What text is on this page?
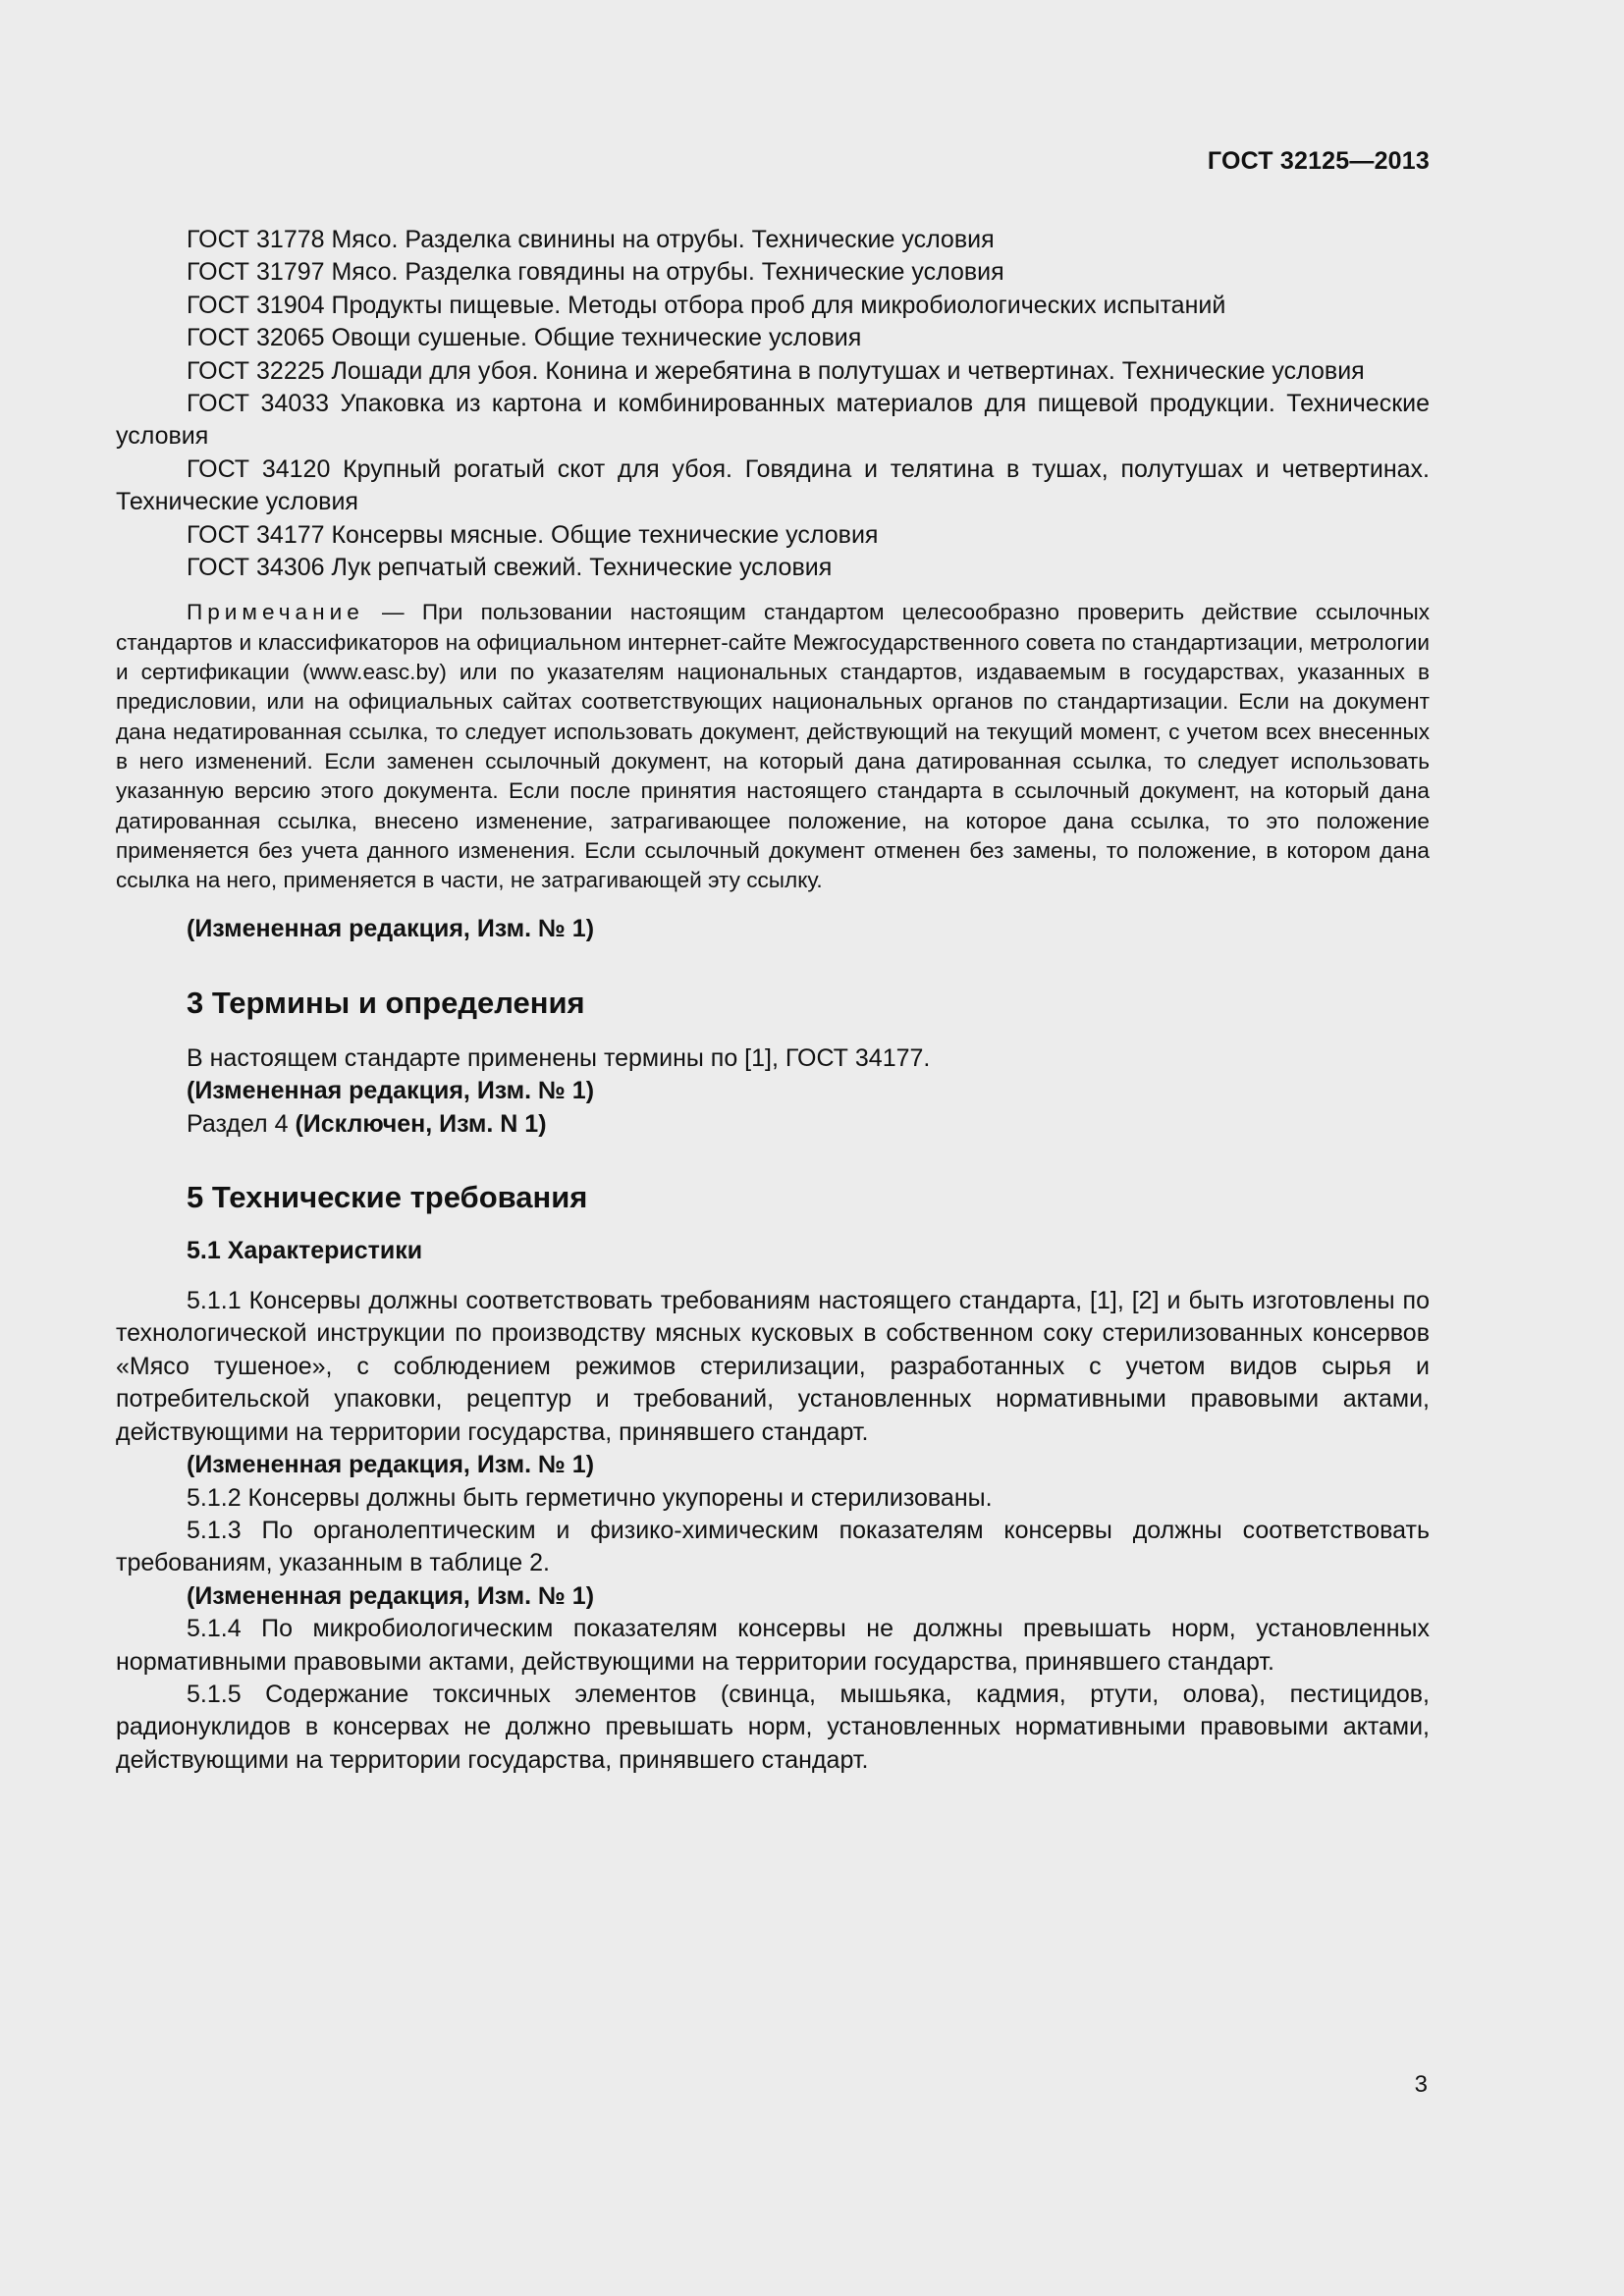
ГОСТ 32125—2013

ГОСТ 31778 Мясо. Разделка свинины на отрубы. Технические условия

ГОСТ 31797 Мясо. Разделка говядины на отрубы. Технические условия

ГОСТ 31904 Продукты пищевые. Методы отбора проб для микробиологических испытаний

ГОСТ 32065 Овощи сушеные. Общие технические условия

ГОСТ 32225 Лошади для убоя. Конина и жеребятина в полутушах и четвертинах. Технические условия

ГОСТ 34033 Упаковка из картона и комбинированных материалов для пищевой продукции. Технические условия

ГОСТ 34120 Крупный рогатый скот для убоя. Говядина и телятина в тушах, полутушах и четвертинах. Технические условия

ГОСТ 34177 Консервы мясные. Общие технические условия

ГОСТ 34306 Лук репчатый свежий. Технические условия

Примечание — При пользовании настоящим стандартом целесообразно проверить действие ссылочных стандартов и классификаторов на официальном интернет-сайте Межгосударственного совета по стандартизации, метрологии и сертификации (www.easc.by) или по указателям национальных стандартов, издаваемым в государствах, указанных в предисловии, или на официальных сайтах соответствующих национальных органов по стандартизации. Если на документ дана недатированная ссылка, то следует использовать документ, действующий на текущий момент, с учетом всех внесенных в него изменений. Если заменен ссылочный документ, на который дана датированная ссылка, то следует использовать указанную версию этого документа. Если после принятия настоящего стандарта в ссылочный документ, на который дана датированная ссылка, внесено изменение, затрагивающее положение, на которое дана ссылка, то это положение применяется без учета данного изменения. Если ссылочный документ отменен без замены, то положение, в котором дана ссылка на него, применяется в части, не затрагивающей эту ссылку.

(Измененная редакция, Изм. № 1)

3 Термины и определения

В настоящем стандарте применены термины по [1], ГОСТ 34177.

(Измененная редакция, Изм. № 1)

Раздел 4 (Исключен, Изм. N 1)

5 Технические требования
5.1 Характеристики

5.1.1 Консервы должны соответствовать требованиям настоящего стандарта, [1], [2] и быть изготовлены по технологической инструкции по производству мясных кусковых в собственном соку стерилизованных консервов «Мясо тушеное», с соблюдением режимов стерилизации, разработанных с учетом видов сырья и потребительской упаковки, рецептур и требований, установленных нормативными правовыми актами, действующими на территории государства, принявшего стандарт.

(Измененная редакция, Изм. № 1)

5.1.2 Консервы должны быть герметично укупорены и стерилизованы.

5.1.3 По органолептическим и физико-химическим показателям консервы должны соответствовать требованиям, указанным в таблице 2.

(Измененная редакция, Изм. № 1)

5.1.4 По микробиологическим показателям консервы не должны превышать норм, установленных нормативными правовыми актами, действующими на территории государства, принявшего стандарт.

5.1.5 Содержание токсичных элементов (свинца, мышьяка, кадмия, ртути, олова), пестицидов, радионуклидов в консервах не должно превышать норм, установленных нормативными правовыми актами, действующими на территории государства, принявшего стандарт.

3
